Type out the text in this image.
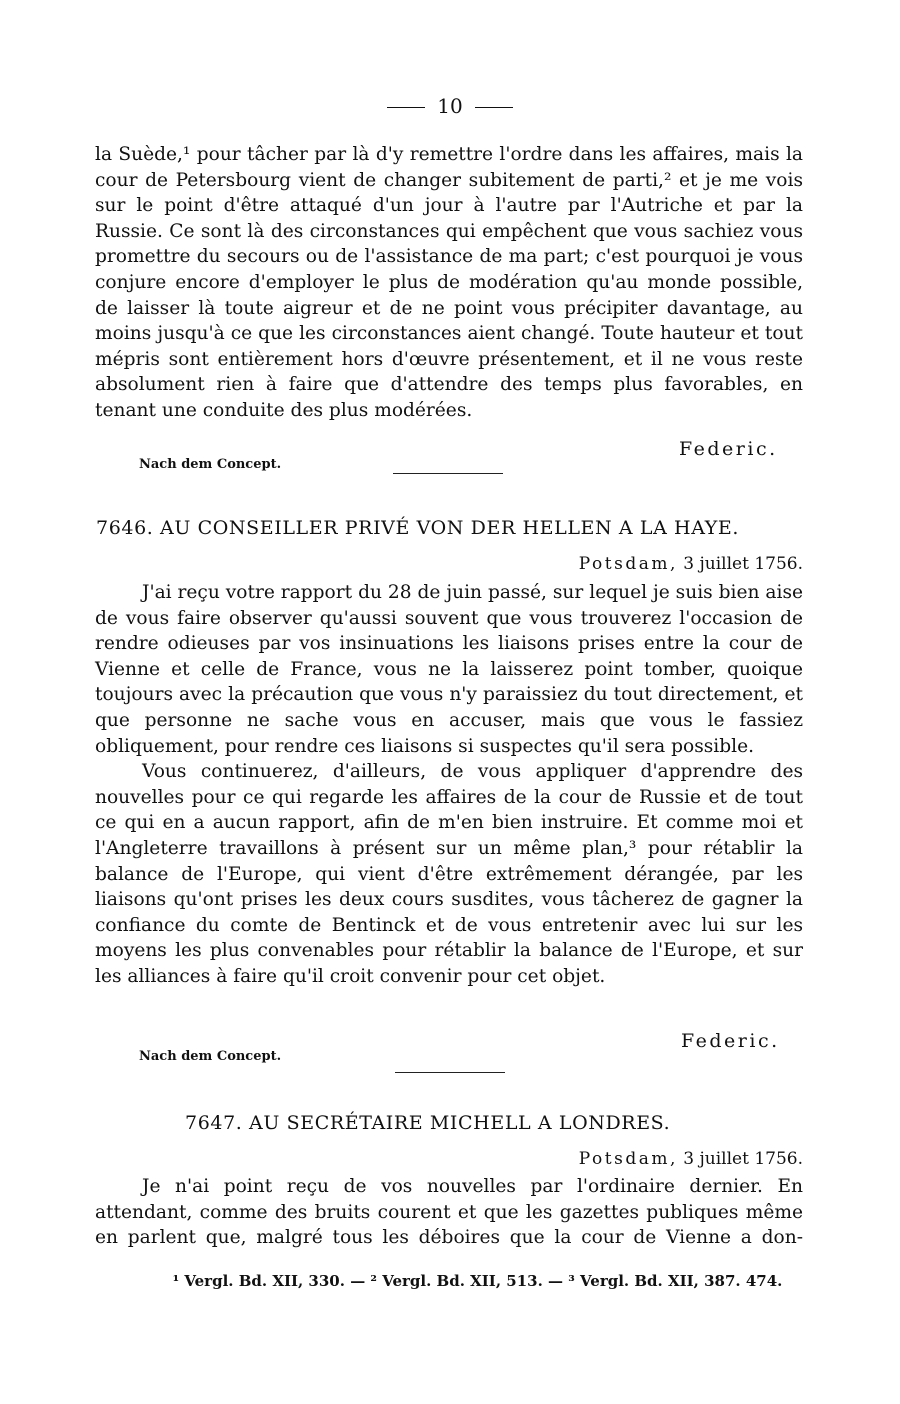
10

la Suède,¹ pour tâcher par là d'y remettre l'ordre dans les affaires, mais la cour de Petersbourg vient de changer subitement de parti,² et je me vois sur le point d'être attaqué d'un jour à l'autre par l'Autriche et par la Russie. Ce sont là des circonstances qui empêchent que vous sachiez vous promettre du secours ou de l'assistance de ma part; c'est pourquoi je vous conjure encore d'employer le plus de modération qu'au monde possible, de laisser là toute aigreur et de ne point vous précipiter davantage, au moins jusqu'à ce que les circonstances aient changé. Toute hauteur et tout mépris sont entièrement hors d'œuvre présentement, et il ne vous reste absolument rien à faire que d'attendre des temps plus favorables, en tenant une conduite des plus modérées.

Federic.
Nach dem Concept.
7646. AU CONSEILLER PRIVÉ VON DER HELLEN A LA HAYE.
Potsdam, 3 juillet 1756.

J'ai reçu votre rapport du 28 de juin passé, sur lequel je suis bien aise de vous faire observer qu'aussi souvent que vous trouverez l'occasion de rendre odieuses par vos insinuations les liaisons prises entre la cour de Vienne et celle de France, vous ne la laisserez point tomber, quoique toujours avec la précaution que vous n'y paraissiez du tout directement, et que personne ne sache vous en accuser, mais que vous le fassiez obliquement, pour rendre ces liaisons si suspectes qu'il sera possible.

Vous continuerez, d'ailleurs, de vous appliquer d'apprendre des nouvelles pour ce qui regarde les affaires de la cour de Russie et de tout ce qui en a aucun rapport, afin de m'en bien instruire. Et comme moi et l'Angleterre travaillons à présent sur un même plan,³ pour rétablir la balance de l'Europe, qui vient d'être extrêmement dérangée, par les liaisons qu'ont prises les deux cours susdites, vous tâcherez de gagner la confiance du comte de Bentinck et de vous entretenir avec lui sur les moyens les plus convenables pour rétablir la balance de l'Europe, et sur les alliances à faire qu'il croit convenir pour cet objet.

Federic.
Nach dem Concept.
7647. AU SECRÉTAIRE MICHELL A LONDRES.
Potsdam, 3 juillet 1756.

Je n'ai point reçu de vos nouvelles par l'ordinaire dernier. En attendant, comme des bruits courent et que les gazettes publiques même en parlent que, malgré tous les déboires que la cour de Vienne a don-

¹ Vergl. Bd. XII, 330. — ² Vergl. Bd. XII, 513. — ³ Vergl. Bd. XII, 387. 474.
